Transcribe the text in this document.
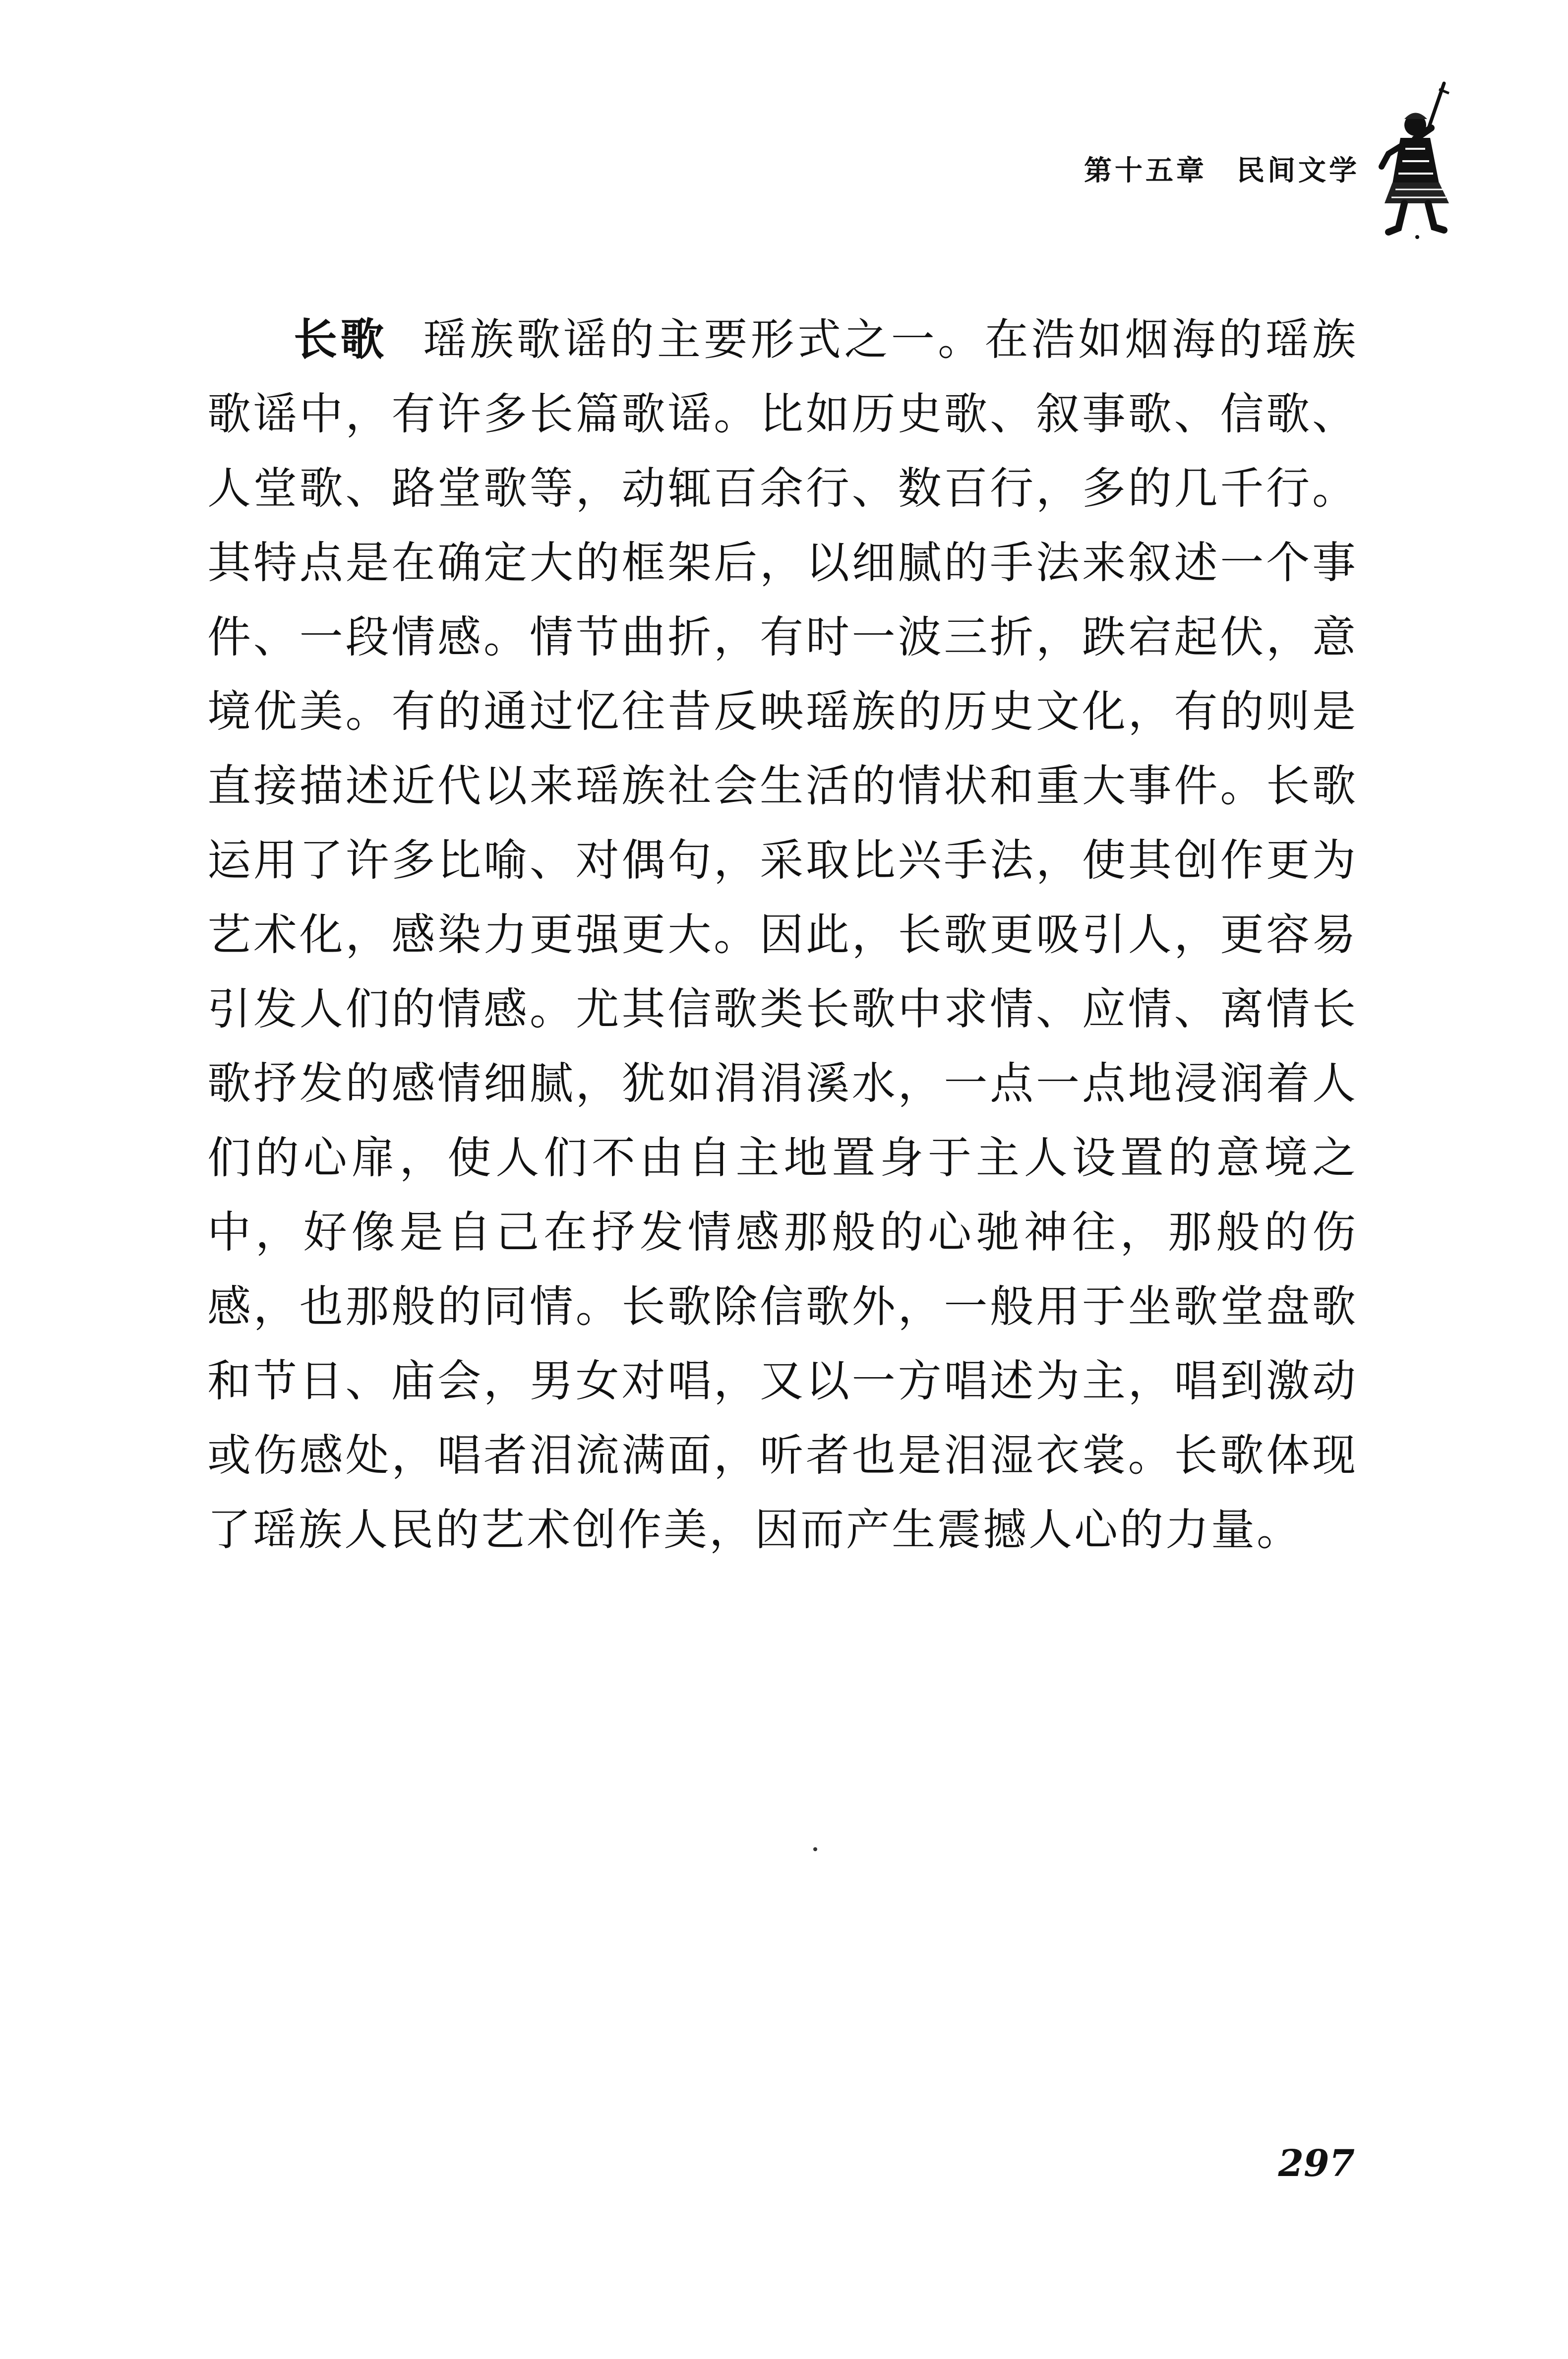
第十五章 民间文学

长歌 瑶族歌谣的主要形式之一。在浩如烟海的瑶族歌谣中，有许多长篇歌谣。比如历史歌、叙事歌、信歌、人堂歌、路堂歌等，动辄百余行、数百行，多的几千行。其特点是在确定大的框架后，以细腻的手法来叙述一个事件、一段情感。情节曲折，有时一波三折，跌宕起伏，意境优美。有的通过忆往昔反映瑶族的历史文化，有的则是直接描述近代以来瑶族社会生活的情状和重大事件。长歌运用了许多比喻、对偶句，采取比兴手法，使其创作更为艺术化，感染力更强更大。因此，长歌更吸引人，更容易引发人们的情感。尤其信歌类长歌中求情、应情、离情长歌抒发的感情细腻，犹如涓涓溪水，一点一点地浸润着人们的心扉，使人们不由自主地置身于主人设置的意境之中，好像是自己在抒发情感那般的心驰神往，那般的伤感，也那般的同情。长歌除信歌外，一般用于坐歌堂盘歌和节日、庙会，男女对唱，又以一方唱述为主，唱到激动或伤感处，唱者泪流满面，听者也是泪湿衣裳。长歌体现了瑶族人民的艺术创作美，因而产生震撼人心的力量。

297
